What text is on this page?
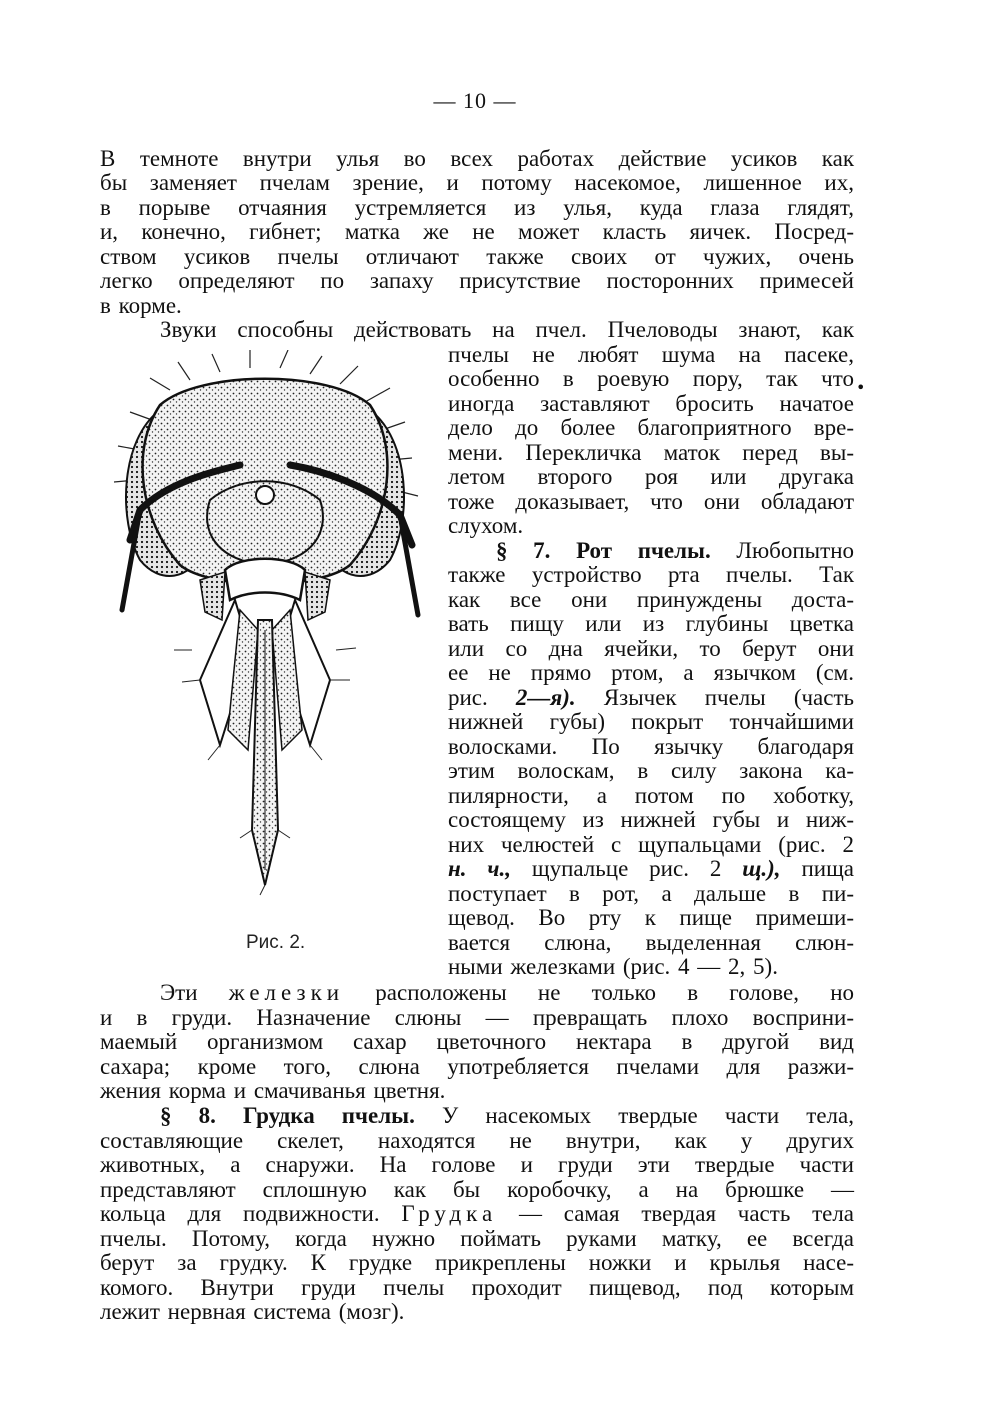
— 10 —
В темноте внутри улья во всех работах действие усиков как
бы заменяет пчелам зрение, и потому насекомое, лишенное их,
в порыве отчаяния устремляется из улья, куда глаза глядят,
и, конечно, гибнет; матка же не может класть яичек. Посред-
ством усиков пчелы отличают также своих от чужих, очень
легко определяют по запаху присутствие посторонних примесей
в корме.
Звуки способны действовать на пчел. Пчеловоды знают, как
пчелы не любят шума на пасеке,
особенно в роевую пору, так что •
иногда заставляют бросить начатое
дело до более благоприятного вре-
мени. Перекличка маток перед вы-
летом второго роя или другака
тоже доказывает, что они обладают
слухом.
§ 7. Рот пчелы. Любопытно
также устройство рта пчелы. Так
как все они принуждены доста-
вать пищу или из глубины цветка
или со дна ячейки, то берут они
ее не прямо ртом, а язычком (см.
рис. 2—я). Язычек пчелы (часть
нижней губы) покрыт тончайшими
волосками. По язычку благодаря
этим волоскам, в силу закона ка-
пилярности, а потом по хоботку,
состоящему из нижней губы и ниж-
них челюстей с щупальцами (рис. 2
н. ч., щупальце рис. 2 щ.), пища
поступает в рот, а дальше в пи-
щевод. Во рту к пище примеши-
вается слюна, выделенная слюн-
ными железками (рис. 4 — 2, 5).
Рис. 2.
Эти железки расположены не только в голове, но
и в груди. Назначение слюны — превращать плохо восприни-
маемый организмом сахар цветочного нектара в другой вид
сахара; кроме того, слюна употребляется пчелами для разжи-
жения корма и смачиванья цветня.
§ 8. Грудка пчелы. У насекомых твердые части тела,
составляющие скелет, находятся не внутри, как у других
животных, а снаружи. На голове и груди эти твердые части
представляют сплошную как бы коробочку, а на брюшке —
кольца для подвижности. Грудка — самая твердая часть тела
пчелы. Потому, когда нужно поймать руками матку, ее всегда
берут за грудку. К грудке прикреплены ножки и крылья насе-
комого. Внутри груди пчелы проходит пищевод, под которым
лежит нервная система (мозг).
